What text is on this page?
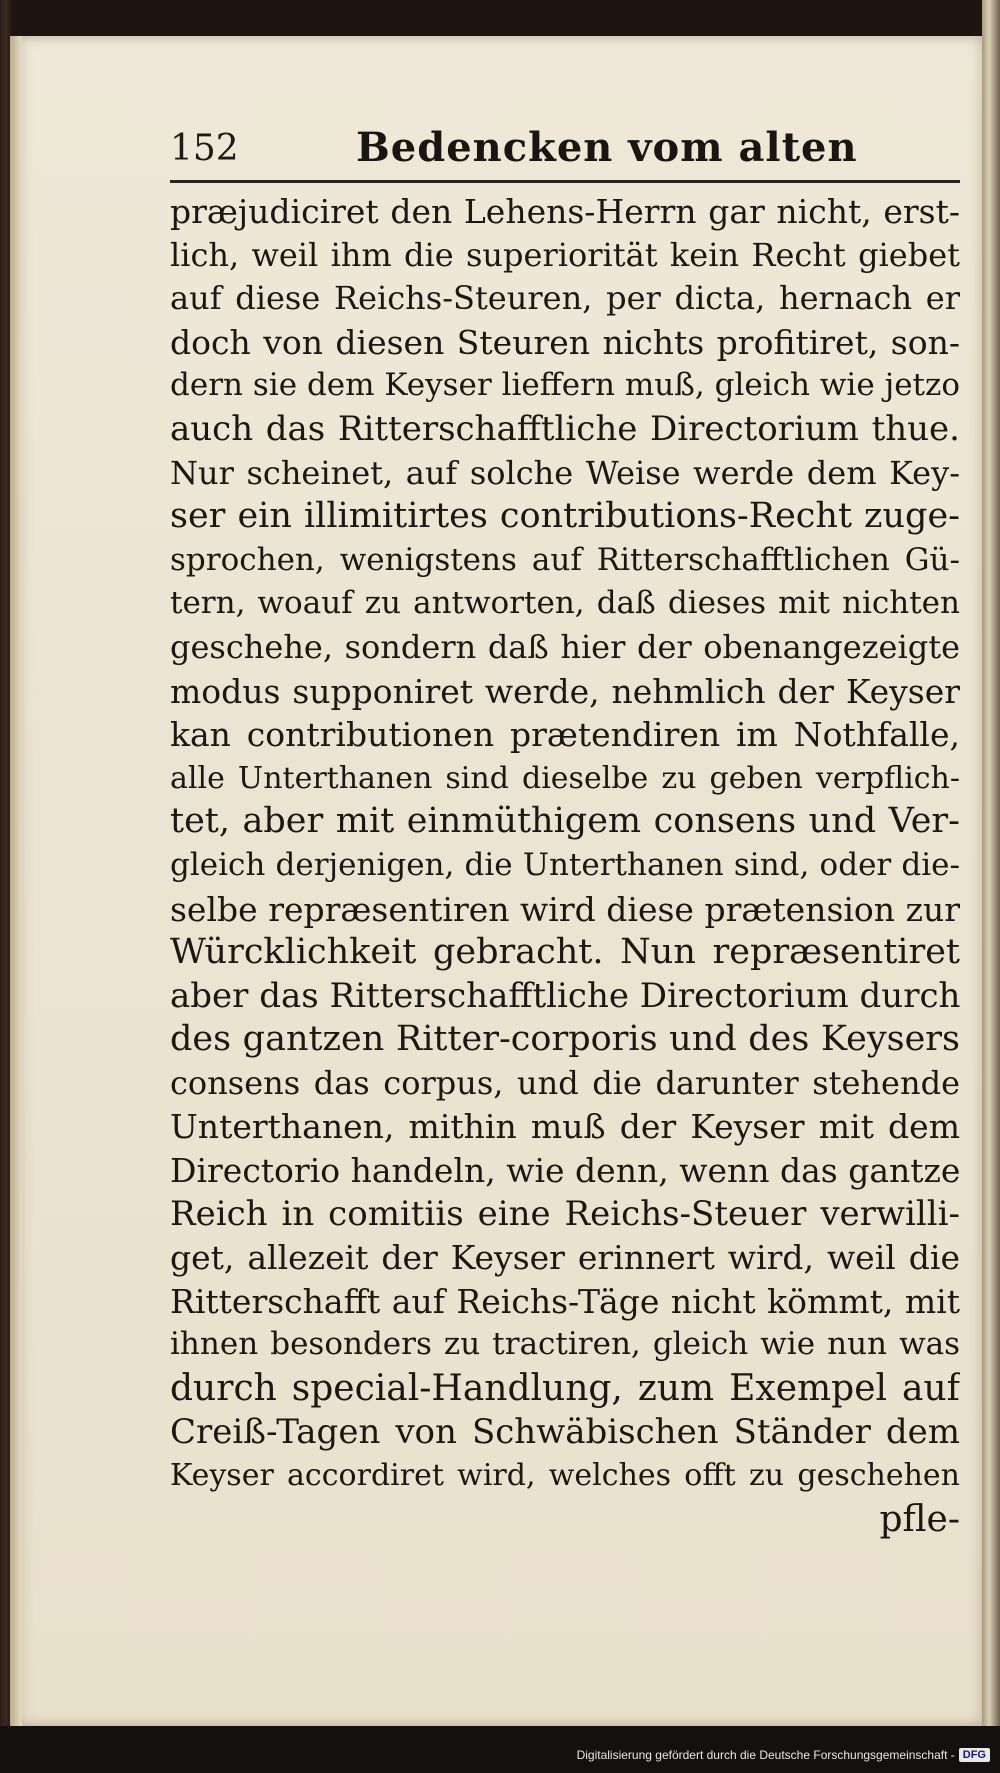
152	Bedencken vom alten
præjudiciret den Lehens-Herrn gar nicht, erst-
lich, weil ihm die superiorität kein Recht giebet
auf diese Reichs-Steuren, per dicta, hernach er
doch von diesen Steuren nichts profitiret, son-
dern sie dem Keyser lieffern muß, gleich wie jetzo
auch das Ritterschafftliche Directorium thue.
Nur scheinet, auf solche Weise werde dem Key-
ser ein illimitirtes contributions-Recht zuge-
sprochen, wenigstens auf Ritterschafftlichen Gü-
tern, woauf zu antworten, daß dieses mit nichten
geschehe, sondern daß hier der obenangezeigte
modus supponiret werde, nehmlich der Keyser
kan contributionen prætendiren im Nothfalle,
alle Unterthanen sind dieselbe zu geben verpflich-
tet, aber mit einmüthigem consens und Ver-
gleich derjenigen, die Unterthanen sind, oder die-
selbe repræsentiren wird diese prætension zur
Würcklichkeit gebracht. Nun repræsentiret
aber das Ritterschafftliche Directorium durch
des gantzen Ritter-corporis und des Keysers
consens das corpus, und die darunter stehende
Unterthanen, mithin muß der Keyser mit dem
Directorio handeln, wie denn, wenn das gantze
Reich in comitiis eine Reichs-Steuer verwilli-
get, allezeit der Keyser erinnert wird, weil die
Ritterschafft auf Reichs-Täge nicht kömmt, mit
ihnen besonders zu tractiren, gleich wie nun was
durch special-Handlung, zum Exempel auf
Creiß-Tagen von Schwäbischen Ständer dem
Keyser accordiret wird, welches offt zu geschehen
pfle-
Digitalisierung gefördert durch die Deutsche Forschungsgemeinschaft - DFG
